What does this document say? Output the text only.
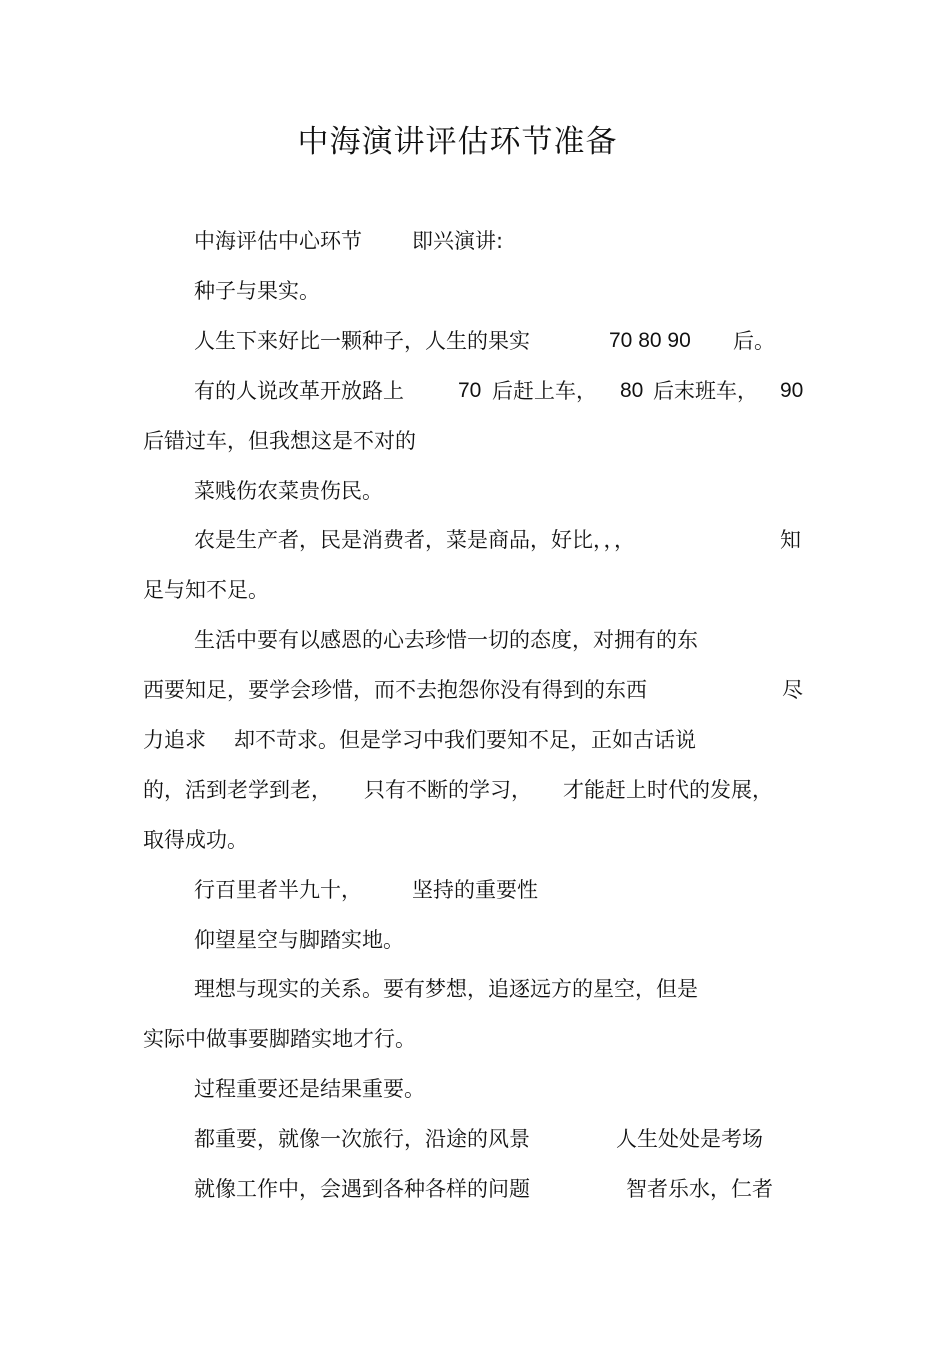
中海演讲评估环节准备
中海评估中心环节 即兴演讲:
种子与果实。
人生下来好比一颗种子，人生的果实	70 80 90 后。
有的人说改革开放路上	70 后赶上车， 80 后末班车， 90
后错过车，但我想这是不对的
菜贱伤农菜贵伤民。
农是生产者，民是消费者，菜是商品，好比，，，	知
足与知不足。
生活中要有以感恩的心去珍惜一切的态度，对拥有的东
西要知足，要学会珍惜，而不去抱怨你没有得到的东西	尽
力追求 却不苛求。但是学习中我们要知不足，正如古话说
的，活到老学到老， 只有不断的学习， 才能赶上时代的发展，
取得成功。
行百里者半九十， 坚持的重要性
仰望星空与脚踏实地。
理想与现实的关系。要有梦想，追逐远方的星空，但是
实际中做事要脚踏实地才行。
过程重要还是结果重要。
都重要，就像一次旅行，沿途的风景	人生处处是考场
就像工作中，会遇到各种各样的问题	智者乐水，仁者
